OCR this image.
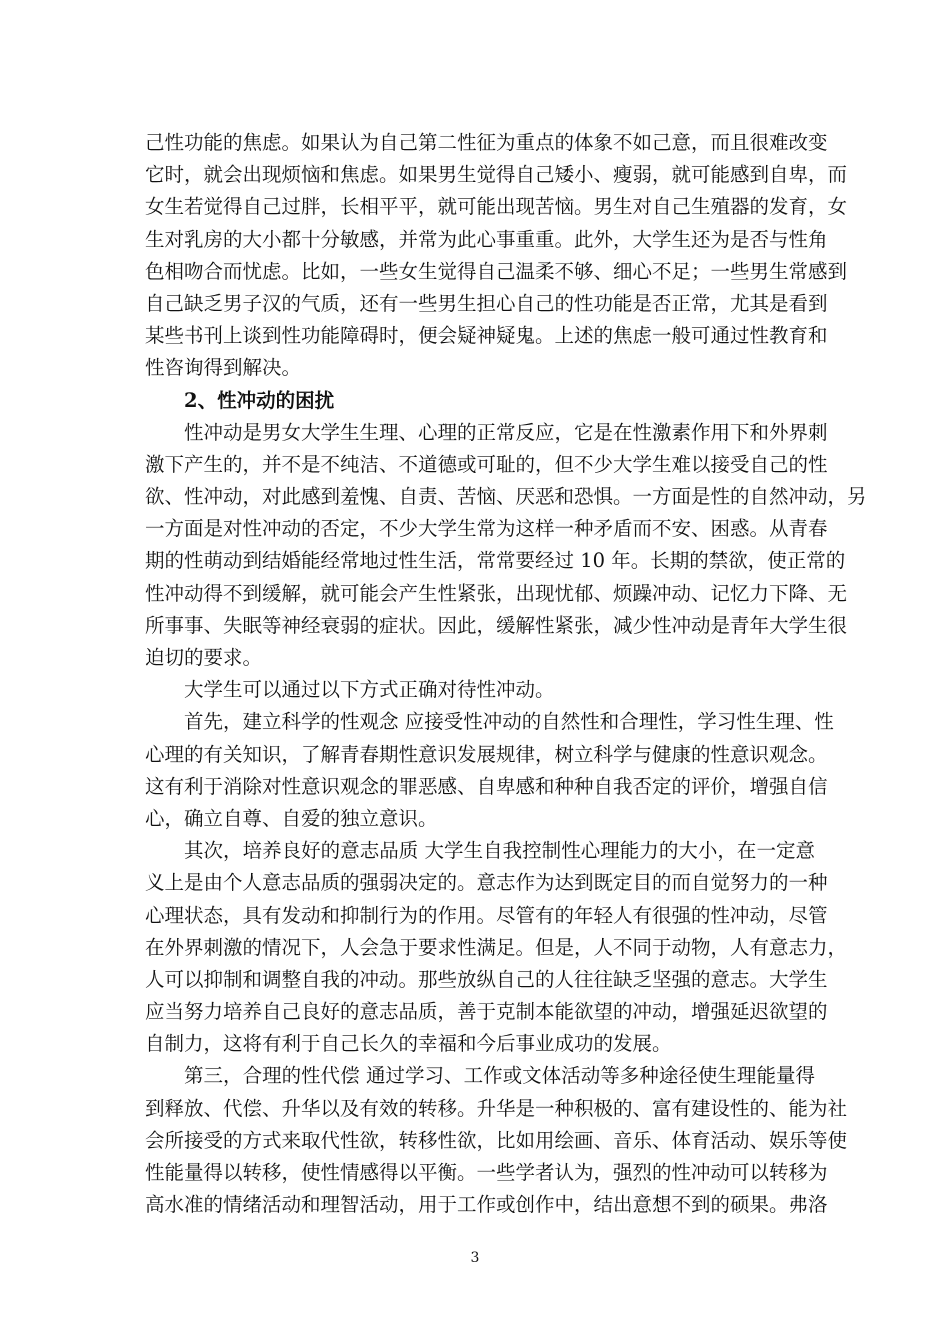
己性功能的焦虑。如果认为自己第二性征为重点的体象不如己意，而且很难改变
它时，就会出现烦恼和焦虑。如果男生觉得自己矮小、瘦弱，就可能感到自卑，而
女生若觉得自己过胖，长相平平，就可能出现苦恼。男生对自己生殖器的发育，女
生对乳房的大小都十分敏感，并常为此心事重重。此外，大学生还为是否与性角
色相吻合而忧虑。比如，一些女生觉得自己温柔不够、细心不足；一些男生常感到
自己缺乏男子汉的气质，还有一些男生担心自己的性功能是否正常，尤其是看到
某些书刊上谈到性功能障碍时，便会疑神疑鬼。上述的焦虑一般可通过性教育和
性咨询得到解决。
2、性冲动的困扰
性冲动是男女大学生生理、心理的正常反应，它是在性激素作用下和外界刺
激下产生的，并不是不纯洁、不道德或可耻的，但不少大学生难以接受自己的性
欲、性冲动，对此感到羞愧、自责、苦恼、厌恶和恐惧。一方面是性的自然冲动，另
一方面是对性冲动的否定，不少大学生常为这样一种矛盾而不安、困惑。从青春
期的性萌动到结婚能经常地过性生活，常常要经过 10 年。长期的禁欲，使正常的
性冲动得不到缓解，就可能会产生性紧张，出现忧郁、烦躁冲动、记忆力下降、无
所事事、失眠等神经衰弱的症状。因此，缓解性紧张，减少性冲动是青年大学生很
迫切的要求。
大学生可以通过以下方式正确对待性冲动。
首先，建立科学的性观念 应接受性冲动的自然性和合理性，学习性生理、性
心理的有关知识，了解青春期性意识发展规律，树立科学与健康的性意识观念。
这有利于消除对性意识观念的罪恶感、自卑感和种种自我否定的评价，增强自信
心，确立自尊、自爱的独立意识。
其次，培养良好的意志品质 大学生自我控制性心理能力的大小，在一定意
义上是由个人意志品质的强弱决定的。意志作为达到既定目的而自觉努力的一种
心理状态，具有发动和抑制行为的作用。尽管有的年轻人有很强的性冲动，尽管
在外界刺激的情况下，人会急于要求性满足。但是，人不同于动物，人有意志力，
人可以抑制和调整自我的冲动。那些放纵自己的人往往缺乏坚强的意志。大学生
应当努力培养自己良好的意志品质，善于克制本能欲望的冲动，增强延迟欲望的
自制力，这将有利于自己长久的幸福和今后事业成功的发展。
第三，合理的性代偿 通过学习、工作或文体活动等多种途径使生理能量得
到释放、代偿、升华以及有效的转移。升华是一种积极的、富有建设性的、能为社
会所接受的方式来取代性欲，转移性欲，比如用绘画、音乐、体育活动、娱乐等使
性能量得以转移，使性情感得以平衡。一些学者认为，强烈的性冲动可以转移为
高水准的情绪活动和理智活动，用于工作或创作中，结出意想不到的硕果。弗洛
3
